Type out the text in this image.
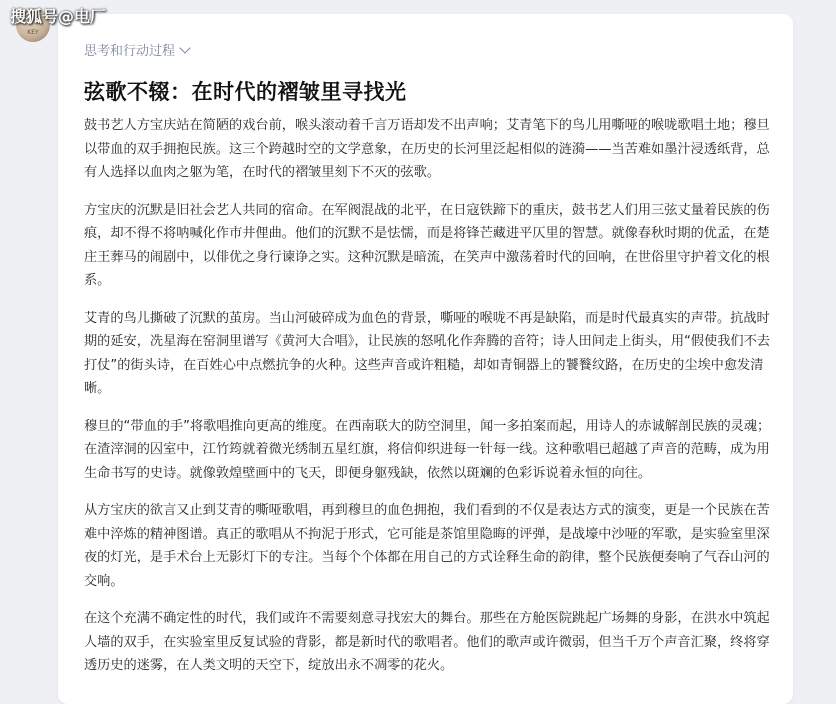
KEY
搜狐号@电厂
思考和行动过程
弦歌不辍：在时代的褶皱里寻找光

鼓书艺人方宝庆站在简陋的戏台前，喉头滚动着千言万语却发不出声响；艾青笔下的鸟儿用嘶哑的喉咙歌唱土地；穆旦以带血的双手拥抱民族。这三个跨越时空的文学意象，在历史的长河里泛起相似的涟漪——当苦难如墨汁浸透纸背，总有人选择以血肉之躯为笔，在时代的褶皱里刻下不灭的弦歌。

方宝庆的沉默是旧社会艺人共同的宿命。在军阀混战的北平，在日寇铁蹄下的重庆，鼓书艺人们用三弦丈量着民族的伤痕，却不得不将呐喊化作市井俚曲。他们的沉默不是怯懦，而是将锋芒藏进平仄里的智慧。就像春秋时期的优孟，在楚庄王葬马的闹剧中，以俳优之身行谏诤之实。这种沉默是暗流，在笑声中激荡着时代的回响，在世俗里守护着文化的根系。

艾青的鸟儿撕破了沉默的茧房。当山河破碎成为血色的背景，嘶哑的喉咙不再是缺陷，而是时代最真实的声带。抗战时期的延安，冼星海在窑洞里谱写《黄河大合唱》，让民族的怒吼化作奔腾的音符；诗人田间走上街头，用“假使我们不去打仗”的街头诗，在百姓心中点燃抗争的火种。这些声音或许粗糙，却如青铜器上的饕餮纹路，在历史的尘埃中愈发清晰。

穆旦的“带血的手”将歌唱推向更高的维度。在西南联大的防空洞里，闻一多拍案而起，用诗人的赤诚解剖民族的灵魂；在渣滓洞的囚室中，江竹筠就着微光绣制五星红旗，将信仰织进每一针每一线。这种歌唱已超越了声音的范畴，成为用生命书写的史诗。就像敦煌壁画中的飞天，即便身躯残缺，依然以斑斓的色彩诉说着永恒的向往。

从方宝庆的欲言又止到艾青的嘶哑歌唱，再到穆旦的血色拥抱，我们看到的不仅是表达方式的演变，更是一个民族在苦难中淬炼的精神图谱。真正的歌唱从不拘泥于形式，它可能是茶馆里隐晦的评弹，是战壕中沙哑的军歌，是实验室里深夜的灯光，是手术台上无影灯下的专注。当每个个体都在用自己的方式诠释生命的韵律，整个民族便奏响了气吞山河的交响。

在这个充满不确定性的时代，我们或许不需要刻意寻找宏大的舞台。那些在方舱医院跳起广场舞的身影，在洪水中筑起人墙的双手，在实验室里反复试验的背影，都是新时代的歌唱者。他们的歌声或许微弱，但当千万个声音汇聚，终将穿透历史的迷雾，在人类文明的天空下，绽放出永不凋零的花火。
